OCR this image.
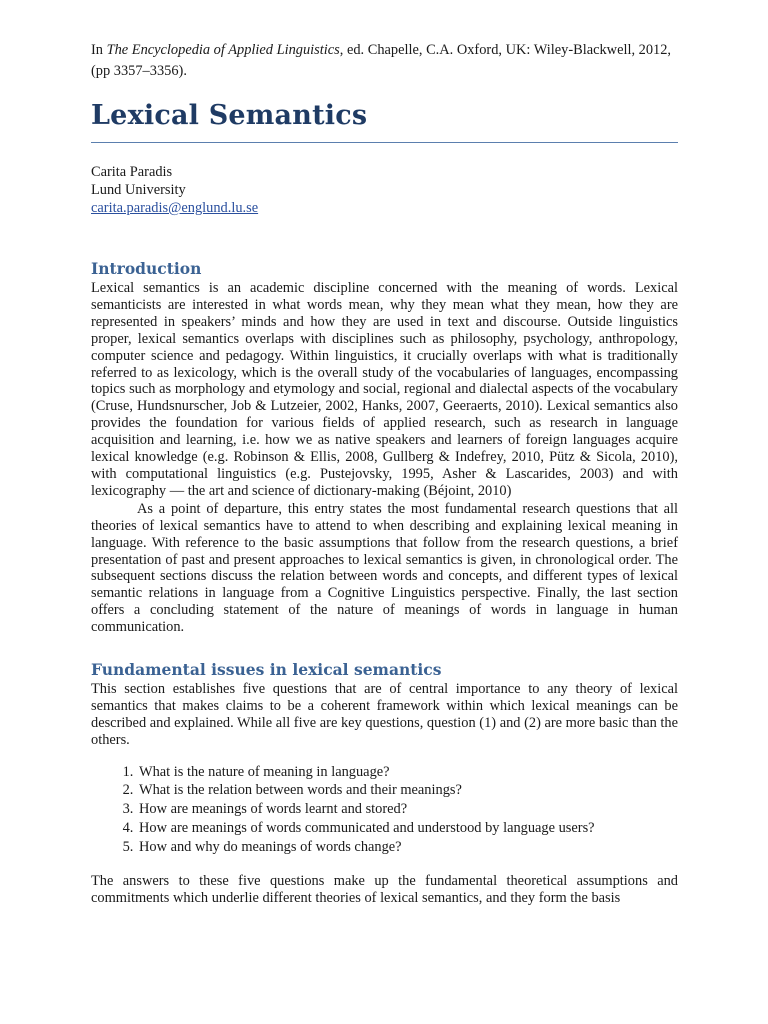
In The Encyclopedia of Applied Linguistics, ed. Chapelle, C.A. Oxford, UK: Wiley-Blackwell, 2012, (pp 3357–3356).

Lexical Semantics
Carita Paradis
Lund University
carita.paradis@englund.lu.se
Introduction

Lexical semantics is an academic discipline concerned with the meaning of words. Lexical semanticists are interested in what words mean, why they mean what they mean, how they are represented in speakers’ minds and how they are used in text and discourse. Outside linguistics proper, lexical semantics overlaps with disciplines such as philosophy, psychology, anthropology, computer science and pedagogy. Within linguistics, it crucially overlaps with what is traditionally referred to as lexicology, which is the overall study of the vocabularies of languages, encompassing topics such as morphology and etymology and social, regional and dialectal aspects of the vocabulary (Cruse, Hundsnurscher, Job & Lutzeier, 2002, Hanks, 2007, Geeraerts, 2010). Lexical semantics also provides the foundation for various fields of applied research, such as research in language acquisition and learning, i.e. how we as native speakers and learners of foreign languages acquire lexical knowledge (e.g. Robinson & Ellis, 2008, Gullberg & Indefrey, 2010, Pütz & Sicola, 2010), with computational linguistics (e.g. Pustejovsky, 1995, Asher & Lascarides, 2003) and with lexicography — the art and science of dictionary-making (Béjoint, 2010)

As a point of departure, this entry states the most fundamental research questions that all theories of lexical semantics have to attend to when describing and explaining lexical meaning in language. With reference to the basic assumptions that follow from the research questions, a brief presentation of past and present approaches to lexical semantics is given, in chronological order. The subsequent sections discuss the relation between words and concepts, and different types of lexical semantic relations in language from a Cognitive Linguistics perspective. Finally, the last section offers a concluding statement of the nature of meanings of words in language in human communication.

Fundamental issues in lexical semantics

This section establishes five questions that are of central importance to any theory of lexical semantics that makes claims to be a coherent framework within which lexical meanings can be described and explained. While all five are key questions, question (1) and (2) are more basic than the others.

1. What is the nature of meaning in language?
2. What is the relation between words and their meanings?
3. How are meanings of words learnt and stored?
4. How are meanings of words communicated and understood by language users?
5. How and why do meanings of words change?

The answers to these five questions make up the fundamental theoretical assumptions and commitments which underlie different theories of lexical semantics, and they form the basis
